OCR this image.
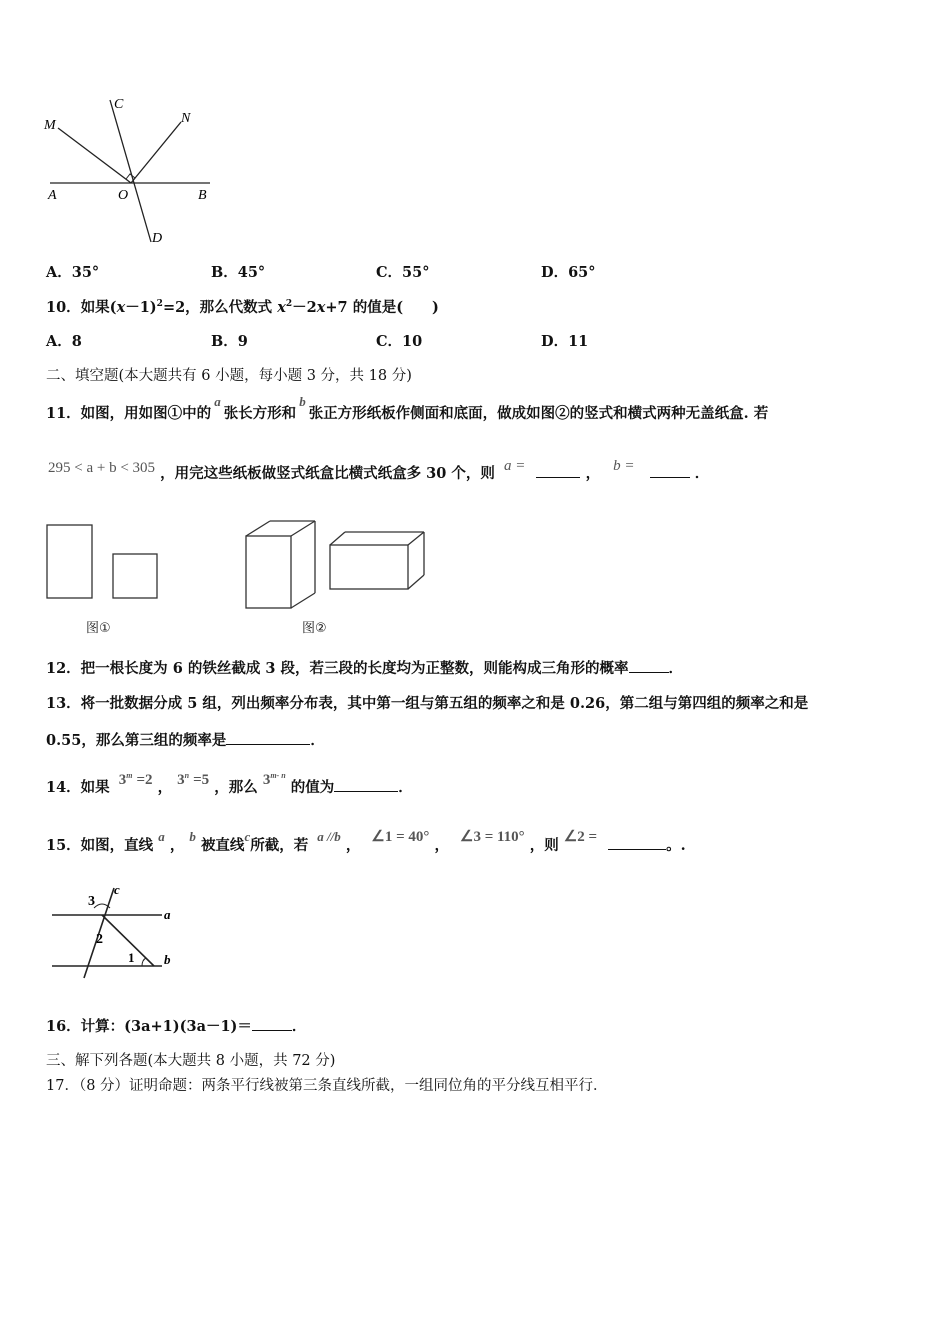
M
C
N
A	O	B
D
A．35°	B．45°	C．55°	D．65°
10．如果$(x-1)^2=2$，那么代数式 $x^2-2x+7$ 的值是(　　)
A．8	B．9	C．10	D．11
二、填空题(本大题共有 6 小题，每小题 3 分，共 18 分)
11．如图，用如图①中的a张长方形和b张正方形纸板作侧面和底面，做成如图②的竖式和横式两种无盖纸盒. 若
295 < a + b < 305 ，用完这些纸板做竖式纸盒比横式纸盒多 30 个，则 a =	， b =	．
图①	图②
12．把一根长度为 6 的铁丝截成 3 段，若三段的长度均为正整数，则能构成三角形的概率	．
13．将一批数据分成 5 组，列出频率分布表，其中第一组与第五组的频率之和是 0.26，第二组与第四组的频率之和是
0.55，那么第三组的频率是	．
14．如果 $3^m =2$ ， $3^n =5$ ，那么 3$^{m- n}$ 的值为	．
15．如图，直线 a ， b 被直线c所截，若 a //b ， ∠1 = 40° ， ∠3 = 110° ，则 ∠2 =	。.
3
c
a
2
1 b
16．计算：(3a+1)(3a－1)＝	．
三、解下列各题(本大题共 8 小题，共 72 分)
17．（8 分）证明命题：两条平行线被第三条直线所截，一组同位角的平分线互相平行．
